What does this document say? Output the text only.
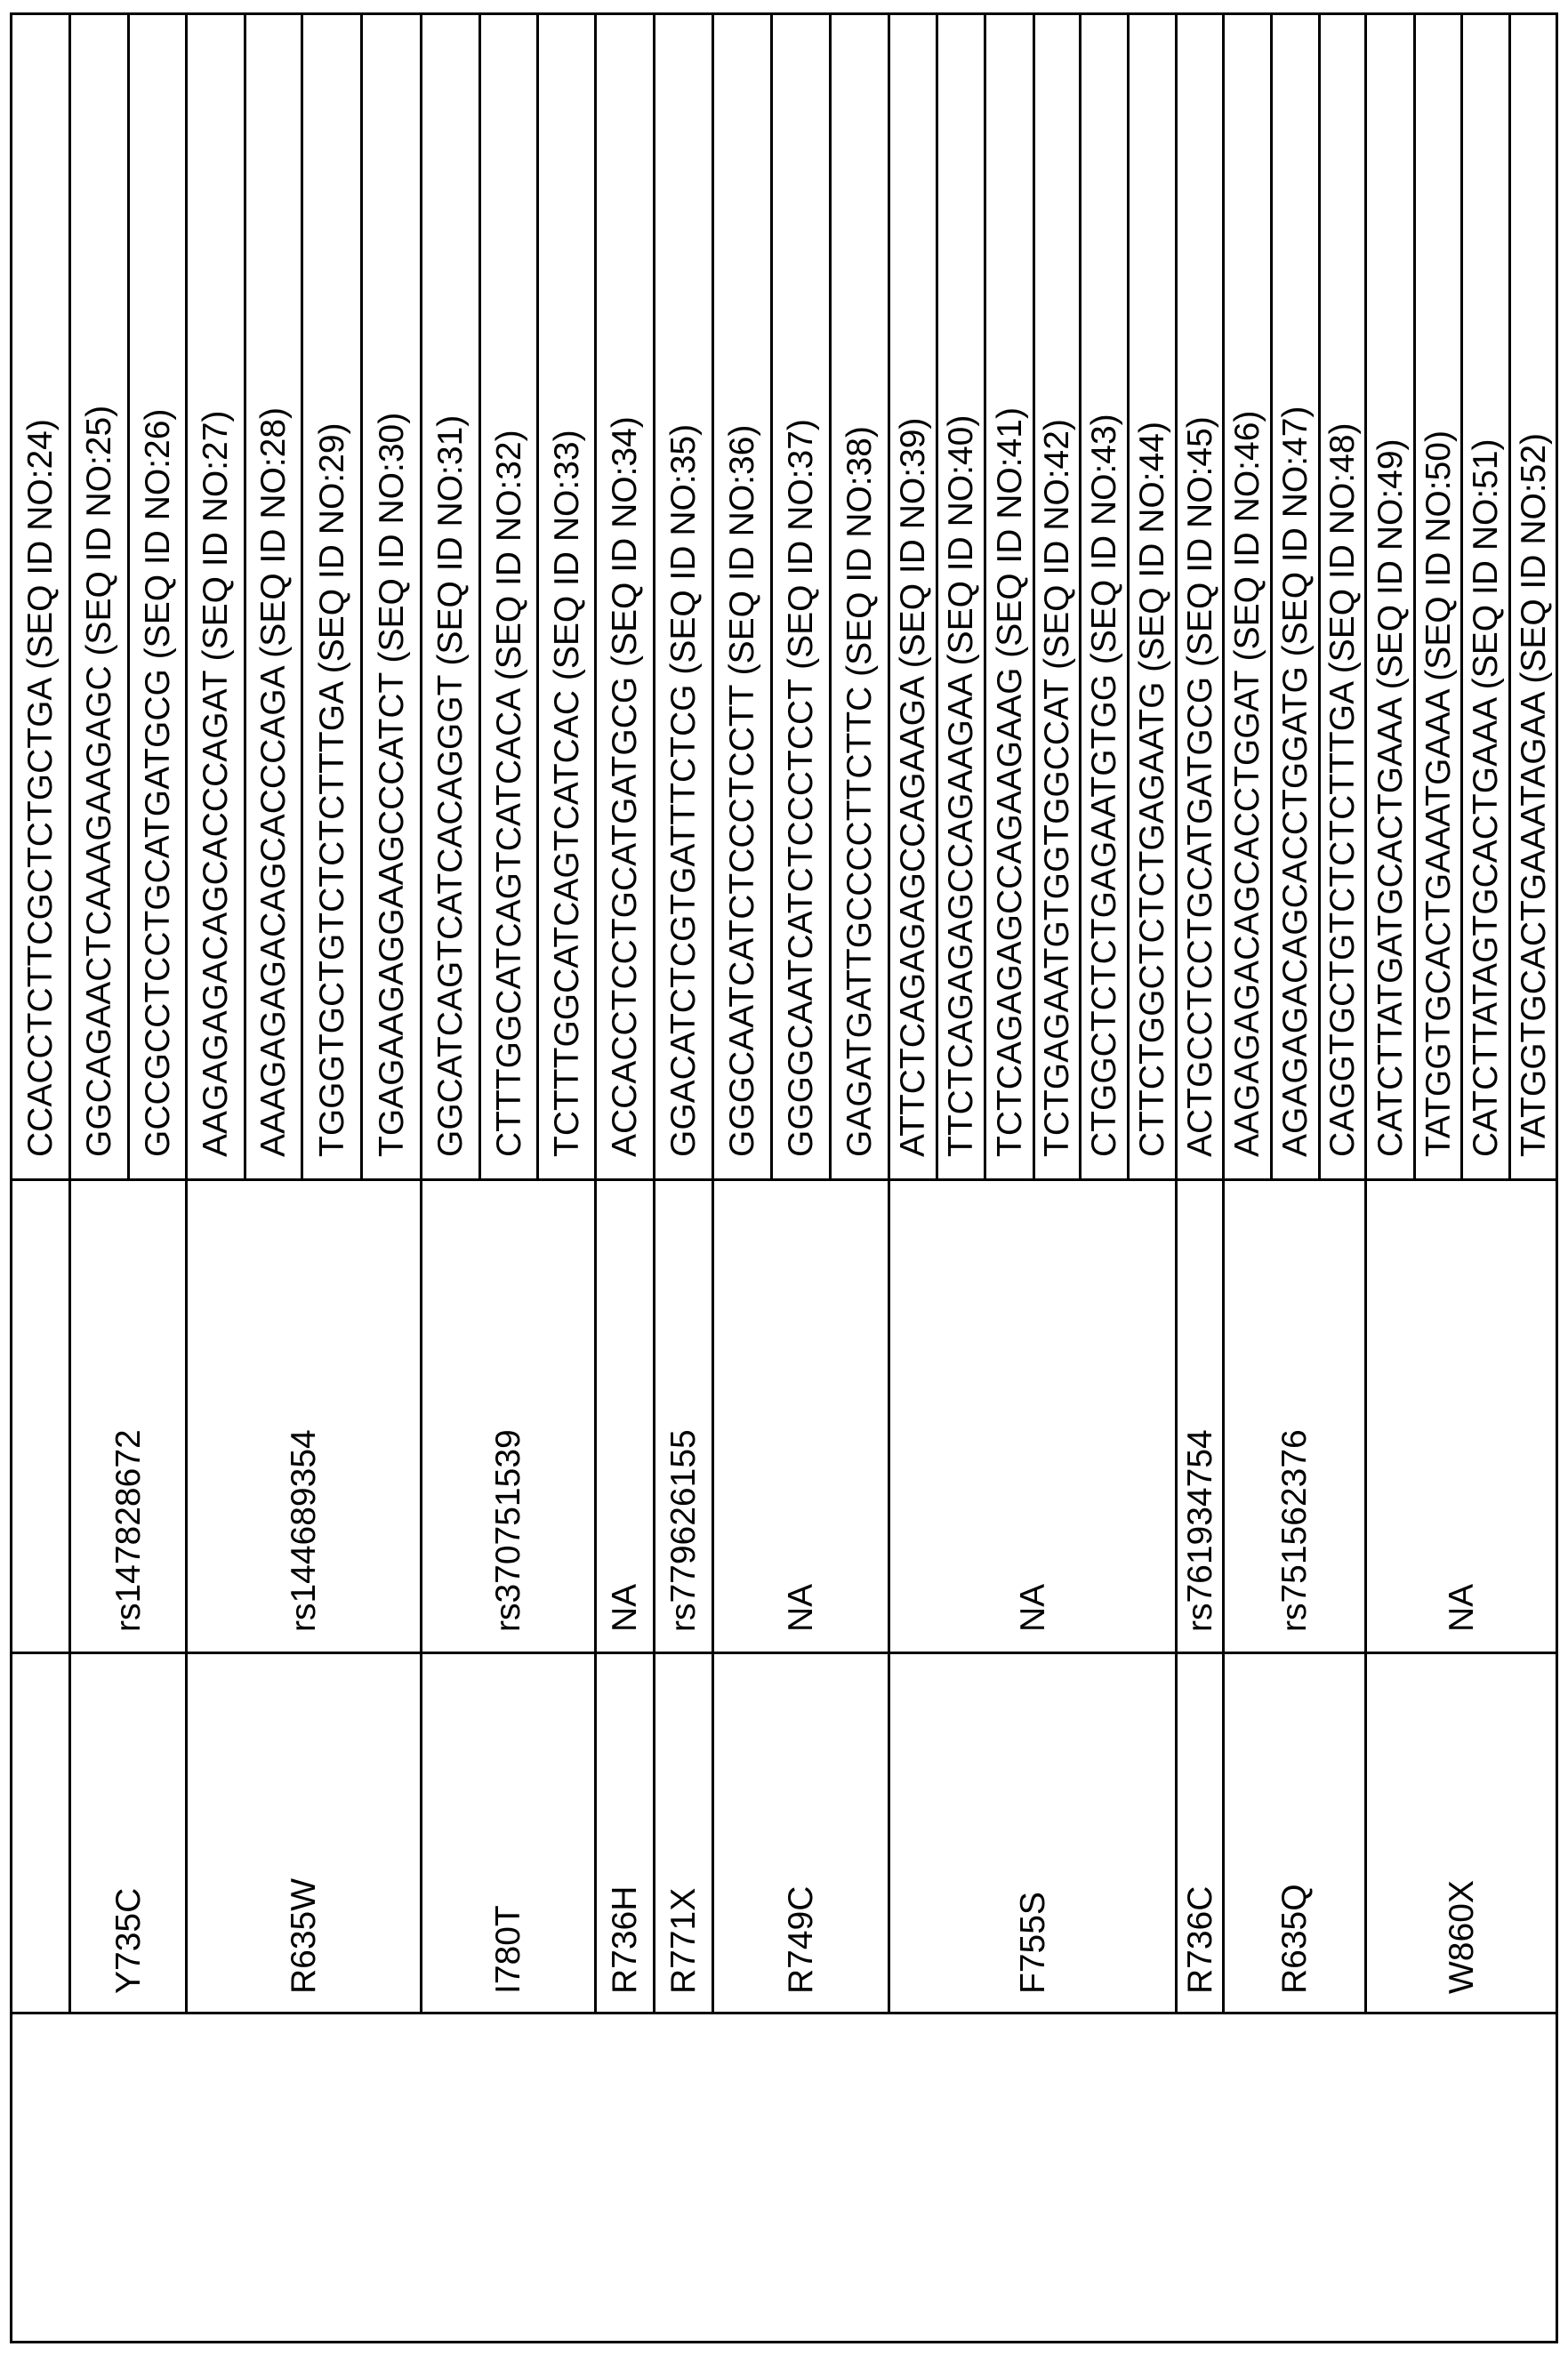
			CCACCTCTTCGCTCTGCTGA (SEQ ID NO:24)
Y735C	rs147828672	GGCAGAACTCAAAGAAGAGC (SEQ ID NO:25)GCCGCCTCCTGCATGATGCG (SEQ ID NO:26)
R635W	rs144689354	AAGAGAGACAGCACCCAGAT (SEQ ID NO:27)AAAGAGAGACAGCACCCAGA (SEQ ID NO:28)TGGGTGCTGTCTCTCTTTGA (SEQ ID NO:29)TGAGAAGAGGAAGCCCATCT (SEQ ID NO:30)
I780T	rs370751539	GGCATCAGTCATCACAGGGT (SEQ ID NO:31)CTTTGGCATCAGTCATCACA (SEQ ID NO:32)TCTTTGGCATCAGTCATCAC (SEQ ID NO:33)
R736H	NA	ACCACCTCCTGCATGATGCG (SEQ ID NO:34)
R771X	rs779626155	GGACATCTCGTGATTTCTCG (SEQ ID NO:35)
R749C	NA	GGGCAATCATCTCCCTCCTT (SEQ ID NO:36)GGGGCAATCATCTCCCTCCT (SEQ ID NO:37)GAGATGATTGCCCCTTCTTC (SEQ ID NO:38)
F755S	NA	ATTCTCAGAGAGCCAGAAGA (SEQ ID NO:39)TTCTCAGAGAGCCAGAAGAA (SEQ ID NO:40)TCTCAGAGAGCCAGAAGAAG (SEQ ID NO:41)TCTGAGAATGTGGTGGCCAT (SEQ ID NO:42)CTGGCTCTCTGAGAATGTGG (SEQ ID NO:43)CTTCTGGCTCTCTGAGAATG (SEQ ID NO:44)
R736C	rs761934754	ACTGCCTCCTGCATGATGCG (SEQ ID NO:45)
R635Q	rs751562376	AAGAGAGACAGCACCTGGAT (SEQ ID NO:46)AGAGAGACAGCACCTGGATG (SEQ ID NO:47)CAGGTGCTGTCTCTCTTTGA (SEQ ID NO:48)
W860X	NA	CATCTTATGATGCACTGAAA (SEQ ID NO:49)TATGGTGCACTGAAATGAAA (SEQ ID NO:50)CATCTTATAGTGCACTGAAA (SEQ ID NO:51)TATGGTGCACTGAAATAGAA (SEQ ID NO:52)
